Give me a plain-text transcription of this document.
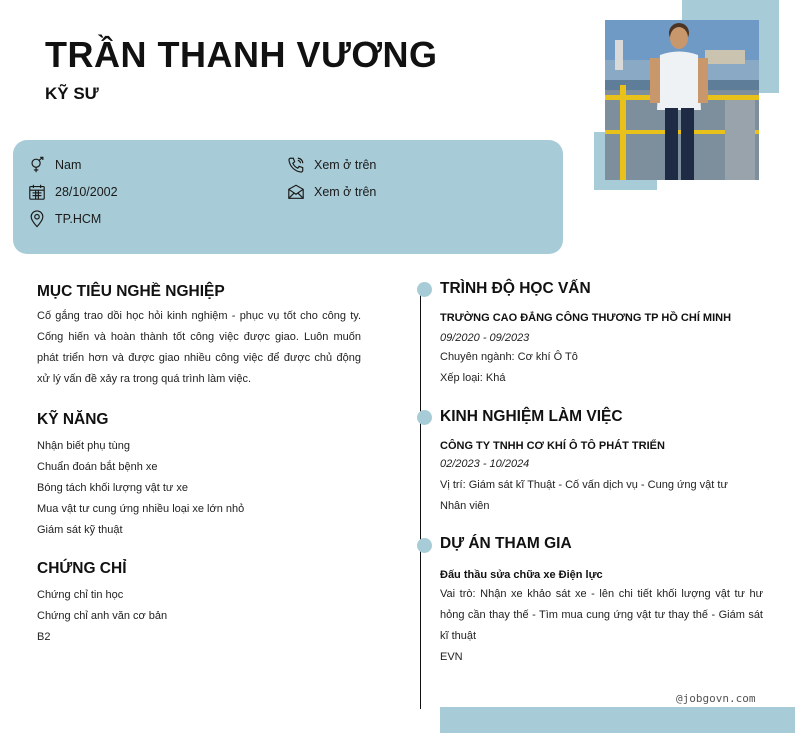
TRẦN THANH VƯƠNG
KỸ SƯ
Nam
28/10/2002
TP.HCM
Xem ở trên
Xem ở trên
MỤC TIÊU NGHỀ NGHIỆP
Cố gắng trao dồi học hỏi kinh nghiệm - phục vụ tốt cho công ty. Cống hiến và hoàn thành tốt công việc được giao. Luôn muốn phát triển hơn và được giao nhiều công việc để được chủ động xử lý vấn đề xảy ra trong quá trình làm việc.
KỸ NĂNG
Nhận biết phụ tùng
Chuẩn đoán bắt bệnh xe
Bóng tách khối lượng vật tư xe
Mua vật tư cung ứng nhiều loại xe lớn nhỏ
Giám sát kỹ thuật
CHỨNG CHỈ
Chứng chỉ tin học
Chứng chỉ anh văn cơ bản
B2
TRÌNH ĐỘ HỌC VẤN
TRƯỜNG CAO ĐẲNG CÔNG THƯƠNG TP HỒ CHÍ MINH
09/2020 - 09/2023
Chuyên ngành: Cơ khí Ô Tô
Xếp loại: Khá
KINH NGHIỆM LÀM VIỆC
CÔNG TY TNHH CƠ KHÍ Ô TÔ PHÁT TRIỂN
02/2023 - 10/2024
Vị trí: Giám sát kĩ Thuật - Cố vấn dịch vụ - Cung ứng vật tư
Nhân viên
DỰ ÁN THAM GIA
Đấu thầu sửa chữa xe Điện lực
Vai trò: Nhận xe khảo sát xe - lên chi tiết khối lượng vật tư hư hỏng cần thay thế - Tìm mua cung ứng vật tư thay thế - Giám sát kĩ thuật
EVN
@jobgovn.com
